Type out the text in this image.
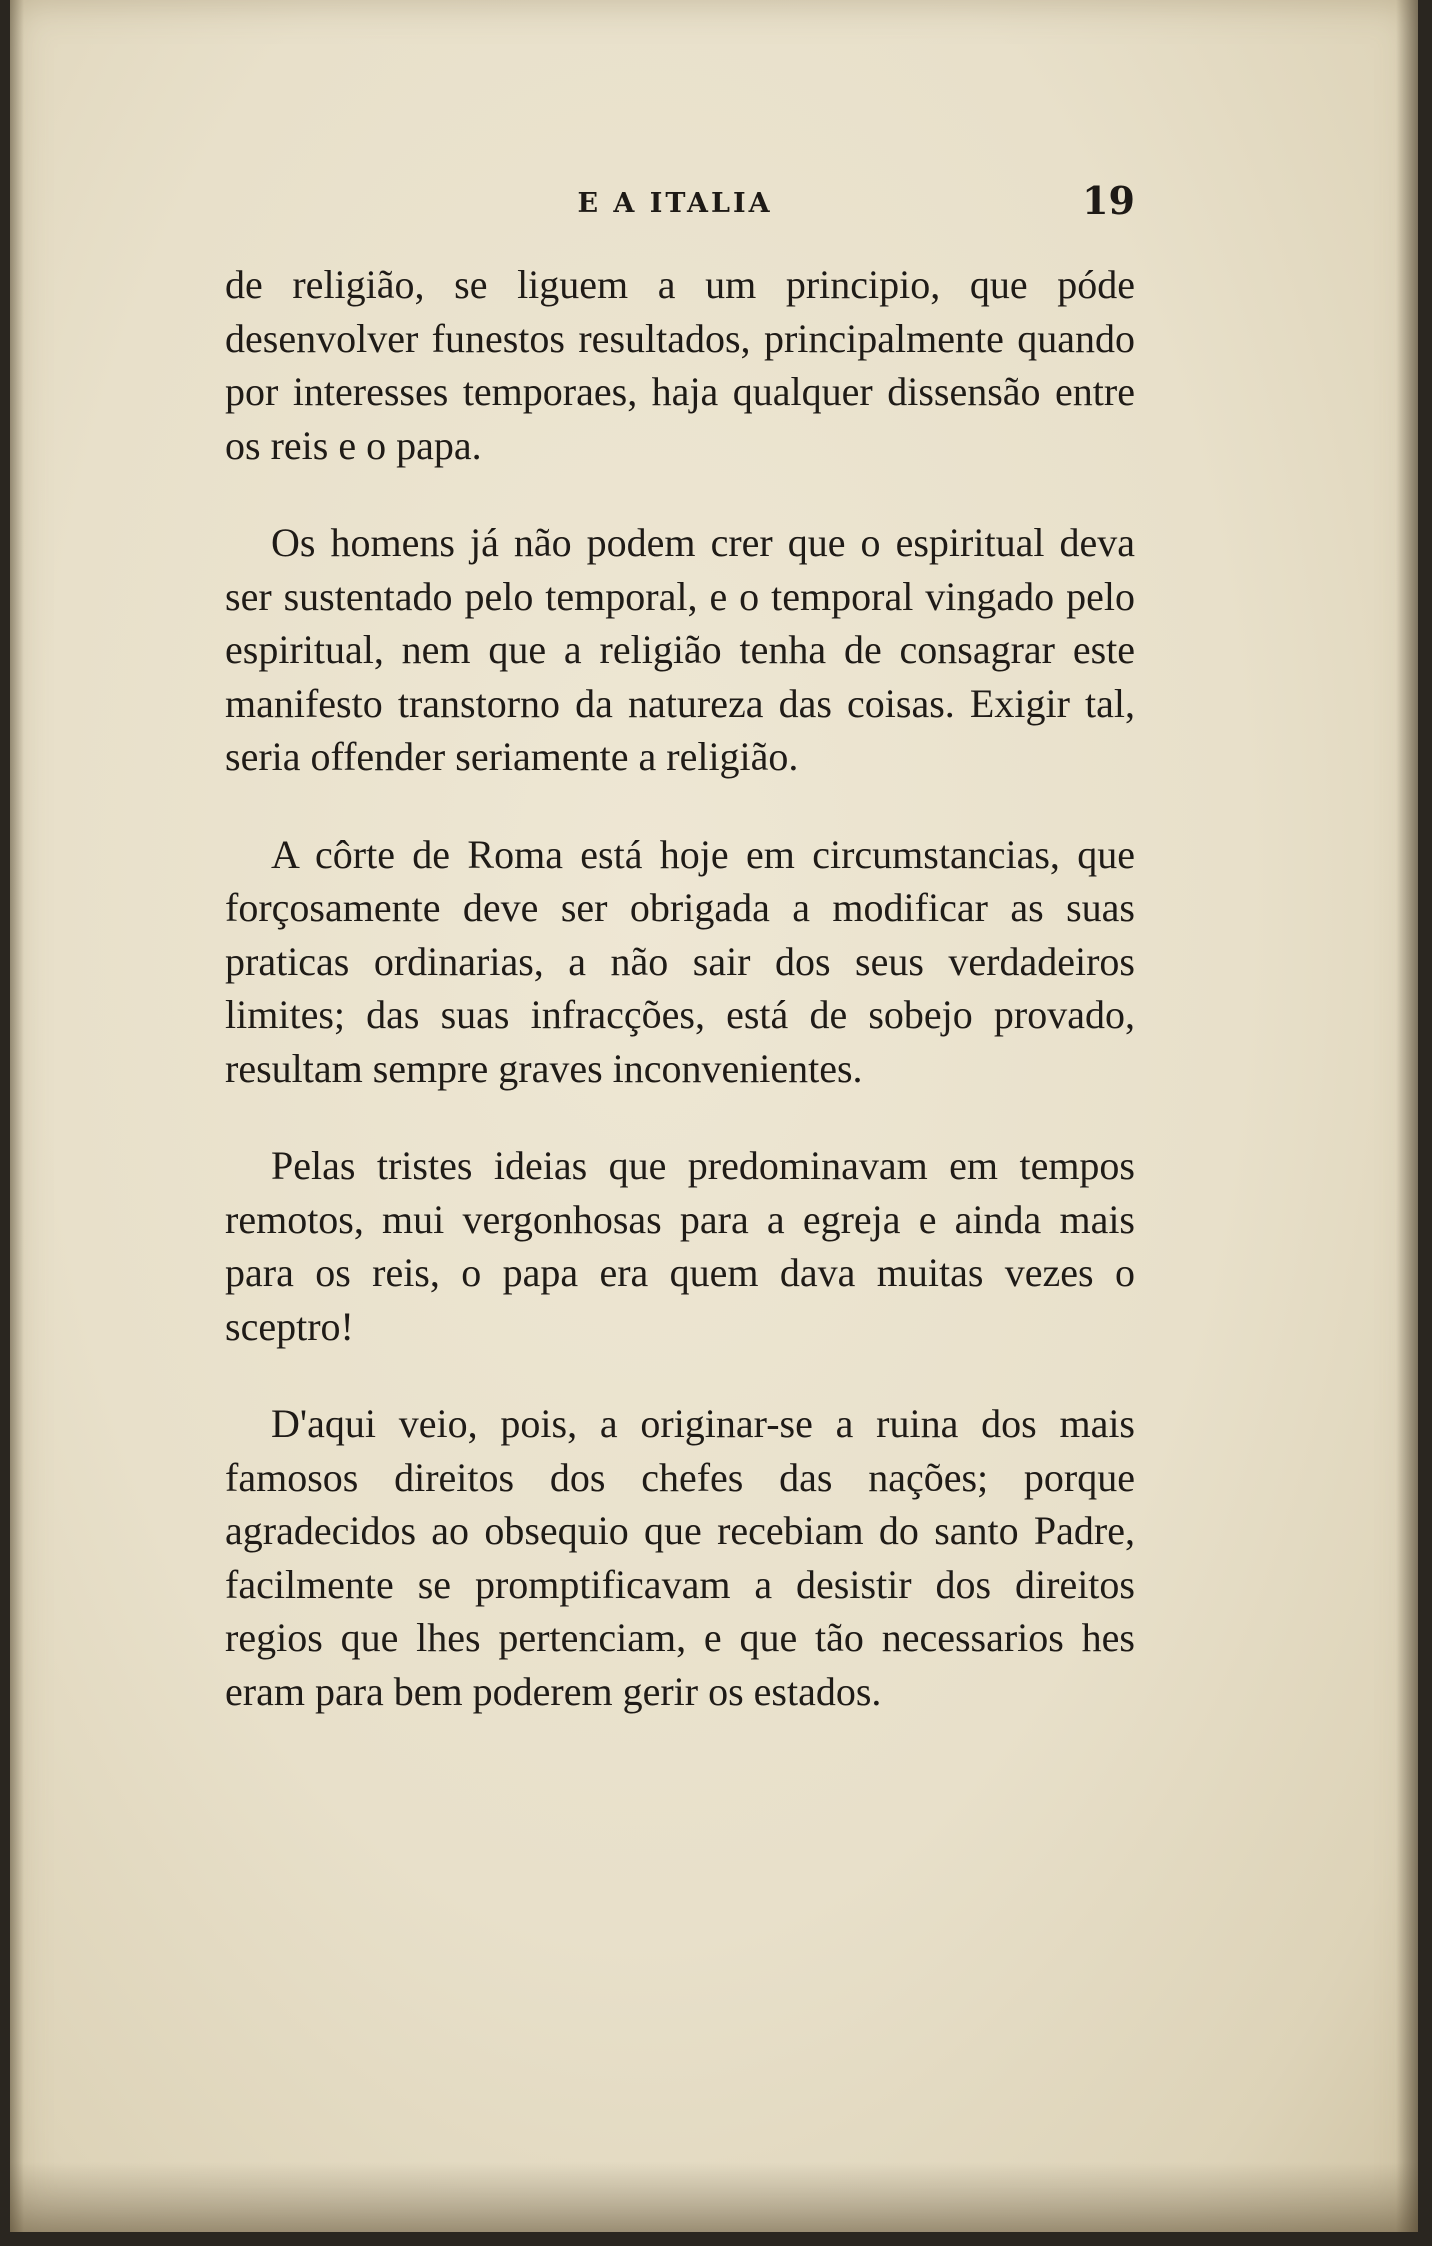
E A ITALIA	19

de religião, se liguem a um principio, que póde desenvolver funestos resultados, principalmente quando por interesses temporaes, haja qualquer dissensão entre os reis e o papa.

Os homens já não podem crer que o espiritual deva ser sustentado pelo temporal, e o temporal vingado pelo espiritual, nem que a religião tenha de consagrar este manifesto transtorno da natureza das coisas. Exigir tal, seria offender seriamente a religião.

A côrte de Roma está hoje em circumstancias, que forçosamente deve ser obrigada a modificar as suas praticas ordinarias, a não sair dos seus verdadeiros limites; das suas infracções, está de sobejo provado, resultam sempre graves inconvenientes.

Pelas tristes ideias que predominavam em tempos remotos, mui vergonhosas para a egreja e ainda mais para os reis, o papa era quem dava muitas vezes o sceptro!

D'aqui veio, pois, a originar-se a ruina dos mais famosos direitos dos chefes das nações; porque agradecidos ao obsequio que recebiam do santo Padre, facilmente se promptificavam a desistir dos direitos regios que lhes pertenciam, e que tão necessarios hes eram para bem poderem gerir os estados.
